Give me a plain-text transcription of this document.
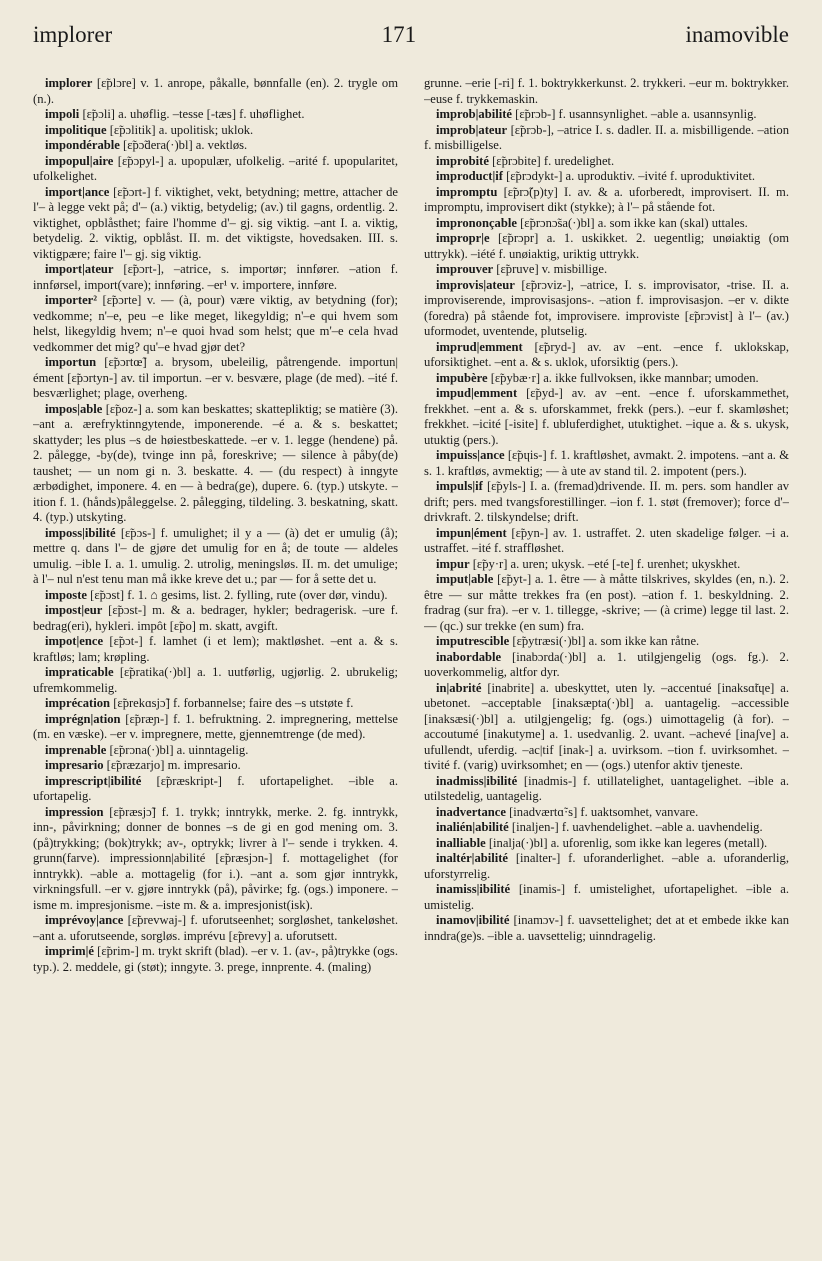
implorer	171	inamovible

implorer [ɛ̃plɔre] v. 1. anrope, påkalle, bønnfalle (en). 2. trygle om (n.).

impoli [ɛ̃pɔli] a. uhøflig. –tesse [-tæs] f. uhøflighet.

impolitique [ɛ̃pɔlitik] a. upolitisk; uklok.

impondérable [ɛ̃pɔ̃dera(·)bl] a. vektløs.

impopul|aire [ɛ̃pɔpyl-] a. upopulær, ufolkelig. –arité f. upopularitet, ufolkelighet.

import|ance [ɛ̃pɔrt-] f. viktighet, vekt, betydning; mettre, attacher de l'– à legge vekt på; d'– (a.) viktig, betydelig; (av.) til gagns, ordentlig. 2. viktighet, opblåsthet; faire l'homme d'– gj. sig viktig. –ant I. a. viktig, betydelig. 2. viktig, opblåst. II. m. det viktigste, hovedsaken. III. s. viktigpære; faire l'– gj. sig viktig.

import|ateur [ɛ̃pɔrt-], –atrice, s. importør; innfører. –ation f. innførsel, import(vare); innføring. –er¹ v. importere, innføre.

importer² [ɛ̃pɔrte] v. — (à, pour) være viktig, av betydning (for); vedkomme; n'–e, peu –e like meget, likegyldig; n'–e qui hvem som helst, likegyldig hvem; n'–e quoi hvad som helst; que m'–e cela hvad vedkommer det mig? qu'–e hvad gjør det?

importun [ɛ̃pɔrtœ̃] a. brysom, ubeleilig, påtrengende. importun|ément [ɛ̃pɔrtyn-] av. til importun. –er v. besvære, plage (de med). –ité f. besværlighet; plage, overheng.

impos|able [ɛ̃poz-] a. som kan beskattes; skattepliktig; se matière (3). –ant a. ærefryktinngytende, imponerende. –é a. & s. beskattet; skattyder; les plus –s de høiestbeskattede. –er v. 1. legge (hendene) på. 2. pålegge, -by(de), tvinge inn på, foreskrive; — silence à påby(de) taushet; — un nom gi n. 3. beskatte. 4. — (du respect) à inngyte ærbødighet, imponere. 4. en — à bedra(ge), dupere. 6. (typ.) utskyte. –ition f. 1. (hånds)påleggelse. 2. pålegging, tildeling. 3. beskatning, skatt. 4. (typ.) utskyting.

imposs|ibilité [ɛ̃pɔs-] f. umulighet; il y a — (à) det er umulig (å); mettre q. dans l'– de gjøre det umulig for en å; de toute — aldeles umulig. –ible I. a. 1. umulig. 2. utrolig, meningsløs. II. m. det umulige; à l'– nul n'est tenu man må ikke kreve det u.; par — for å sette det u.

imposte [ɛ̃pɔst] f. 1. ⌂ gesims, list. 2. fylling, rute (over dør, vindu).

impost|eur [ɛ̃pɔst-] m. & a. bedrager, hykler; bedragerisk. –ure f. bedrag(eri), hykleri. impôt [ɛ̃po] m. skatt, avgift.

impot|ence [ɛ̃pɔt-] f. lamhet (i et lem); maktløshet. –ent a. & s. kraftløs; lam; krøpling.

impraticable [ɛ̃pratika(·)bl] a. 1. uutførlig, ugjørlig. 2. ubrukelig; ufremkommelig.

imprécation [ɛ̃prekɑsjɔ̃] f. forbannelse; faire des –s utstøte f.

imprégn|ation [ɛ̃præɲ-] f. 1. befruktning. 2. impregnering, mettelse (m. en væske). –er v. impregnere, mette, gjennemtrenge (de med).

imprenable [ɛ̃prɔna(·)bl] a. uinntagelig.

impresario [ɛ̃præzarjo] m. impresario.

imprescript|ibilité [ɛ̃præskript-] f. ufortapelighet. –ible a. ufortapelig.

impression [ɛ̃præsjɔ̃] f. 1. trykk; inntrykk, merke. 2. fg. inntrykk, inn-, påvirkning; donner de bonnes –s de gi en god mening om. 3. (på)trykking; (bok)trykk; av-, optrykk; livrer à l'– sende i trykken. 4. grunn(farve). impressionn|abilité [ɛ̃præsjɔn-] f. mottagelighet (for inntrykk). –able a. mottagelig (for i.). –ant a. som gjør inntrykk, virkningsfull. –er v. gjøre inntrykk (på), påvirke; fg. (ogs.) imponere. –isme m. impresjonisme. –iste m. & a. impresjonist(isk).

imprévoy|ance [ɛ̃prevwaj-] f. uforutseenhet; sorgløshet, tankeløshet. –ant a. uforutseende, sorgløs. imprévu [ɛ̃prevy] a. uforutsett.

imprim|é [ɛ̃prim-] m. trykt skrift (blad). –er v. 1. (av-, på)trykke (ogs. typ.). 2. meddele, gi (støt); inngyte. 3. prege, innprente. 4. (maling)

grunne. –erie [-ri] f. 1. boktrykkerkunst. 2. trykkeri. –eur m. boktrykker. –euse f. trykkemaskin.

improb|abilité [ɛ̃prɔb-] f. usannsynlighet. –able a. usannsynlig.

improb|ateur [ɛ̃prɔb-], –atrice I. s. dadler. II. a. misbilligende. –ation f. misbilligelse.

improbité [ɛ̃prɔbite] f. uredelighet.

improduct|if [ɛ̃prɔdykt-] a. uproduktiv. –ivité f. uproduktivitet.

impromptu [ɛ̃prɔ̃(p)ty] I. av. & a. uforberedt, improvisert. II. m. impromptu, improvisert dikt (stykke); à l'– på stående fot.

imprononçable [ɛ̃prɔnɔ̃sa(·)bl] a. som ikke kan (skal) uttales.

impropr|e [ɛ̃prɔpr] a. 1. uskikket. 2. uegentlig; unøiaktig (om uttrykk). –iété f. unøiaktig, uriktig uttrykk.

improuver [ɛ̃pruve] v. misbillige.

improvis|ateur [ɛ̃prɔviz-], –atrice, I. s. improvisator, -trise. II. a. improviserende, improvisasjons-. –ation f. improvisasjon. –er v. dikte (foredra) på stående fot, improvisere. improviste [ɛ̃prɔvist] à l'– (av.) uformodet, uventende, plutselig.

imprud|emment [ɛ̃pryd-] av. av –ent. –ence f. uklokskap, uforsiktighet. –ent a. & s. uklok, uforsiktig (pers.).

impubère [ɛ̃pybæ·r] a. ikke fullvoksen, ikke mannbar; umoden.

impud|emment [ɛ̃pyd-] av. av –ent. –ence f. uforskammethet, frekkhet. –ent a. & s. uforskammet, frekk (pers.). –eur f. skamløshet; frekkhet. –icité [-isite] f. ubluferdighet, utuktighet. –ique a. & s. ukysk, utuktig (pers.).

impuiss|ance [ɛ̃pɥis-] f. 1. kraftløshet, avmakt. 2. impotens. –ant a. & s. 1. kraftløs, avmektig; — à ute av stand til. 2. impotent (pers.).

impuls|if [ɛ̃pyls-] I. a. (fremad)drivende. II. m. pers. som handler av drift; pers. med tvangsforestillinger. –ion f. 1. støt (fremover); force d'– drivkraft. 2. tilskyndelse; drift.

impun|ément [ɛ̃pyn-] av. 1. ustraffet. 2. uten skadelige følger. –i a. ustraffet. –ité f. straffløshet.

impur [ɛ̃py·r] a. uren; ukysk. –eté [-te] f. urenhet; ukyskhet.

imput|able [ɛ̃pyt-] a. 1. être — à måtte tilskrives, skyldes (en, n.). 2. être — sur måtte trekkes fra (en post). –ation f. 1. beskyldning. 2. fradrag (sur fra). –er v. 1. tillegge, -skrive; — (à crime) legge til last. 2. — (qc.) sur trekke (en sum) fra.

imputrescible [ɛ̃pytræsi(·)bl] a. som ikke kan råtne.

inabordable [inabɔrda(·)bl] a. 1. utilgjengelig (ogs. fg.). 2. uoverkommelig, altfor dyr.

in|abrité [inabrite] a. ubeskyttet, uten ly. –accentué [inaksɑ̃tɥe] a. ubetonet. –acceptable [inaksæpta(·)bl] a. uantagelig. –accessible [inaksæsi(·)bl] a. utilgjengelig; fg. (ogs.) uimottagelig (à for). –accoutumé [inakutyme] a. 1. usedvanlig. 2. uvant. –achevé [inaʃve] a. ufullendt, uferdig. –ac|tif [inak-] a. uvirksom. –tion f. uvirksomhet. –tivité f. (varig) uvirksomhet; en — (ogs.) utenfor aktiv tjeneste.

inadmiss|ibilité [inadmis-] f. utillatelighet, uantagelighet. –ible a. utilstedelig, uantagelig.

inadvertance [inadværtɑ̃·s] f. uaktsomhet, vanvare.

inalién|abilité [inaljen-] f. uavhendelighet. –able a. uavhendelig.

inalliable [inalja(·)bl] a. uforenlig, som ikke kan legeres (metall).

inaltér|abilité [inalter-] f. uforanderlighet. –able a. uforanderlig, uforstyrrelig.

inamiss|ibilité [inamis-] f. umistelighet, ufortapelighet. –ible a. umistelig.

inamov|ibilité [inamɔv-] f. uavsettelighet; det at et embede ikke kan inndra(ge)s. –ible a. uavsettelig; uinndragelig.
